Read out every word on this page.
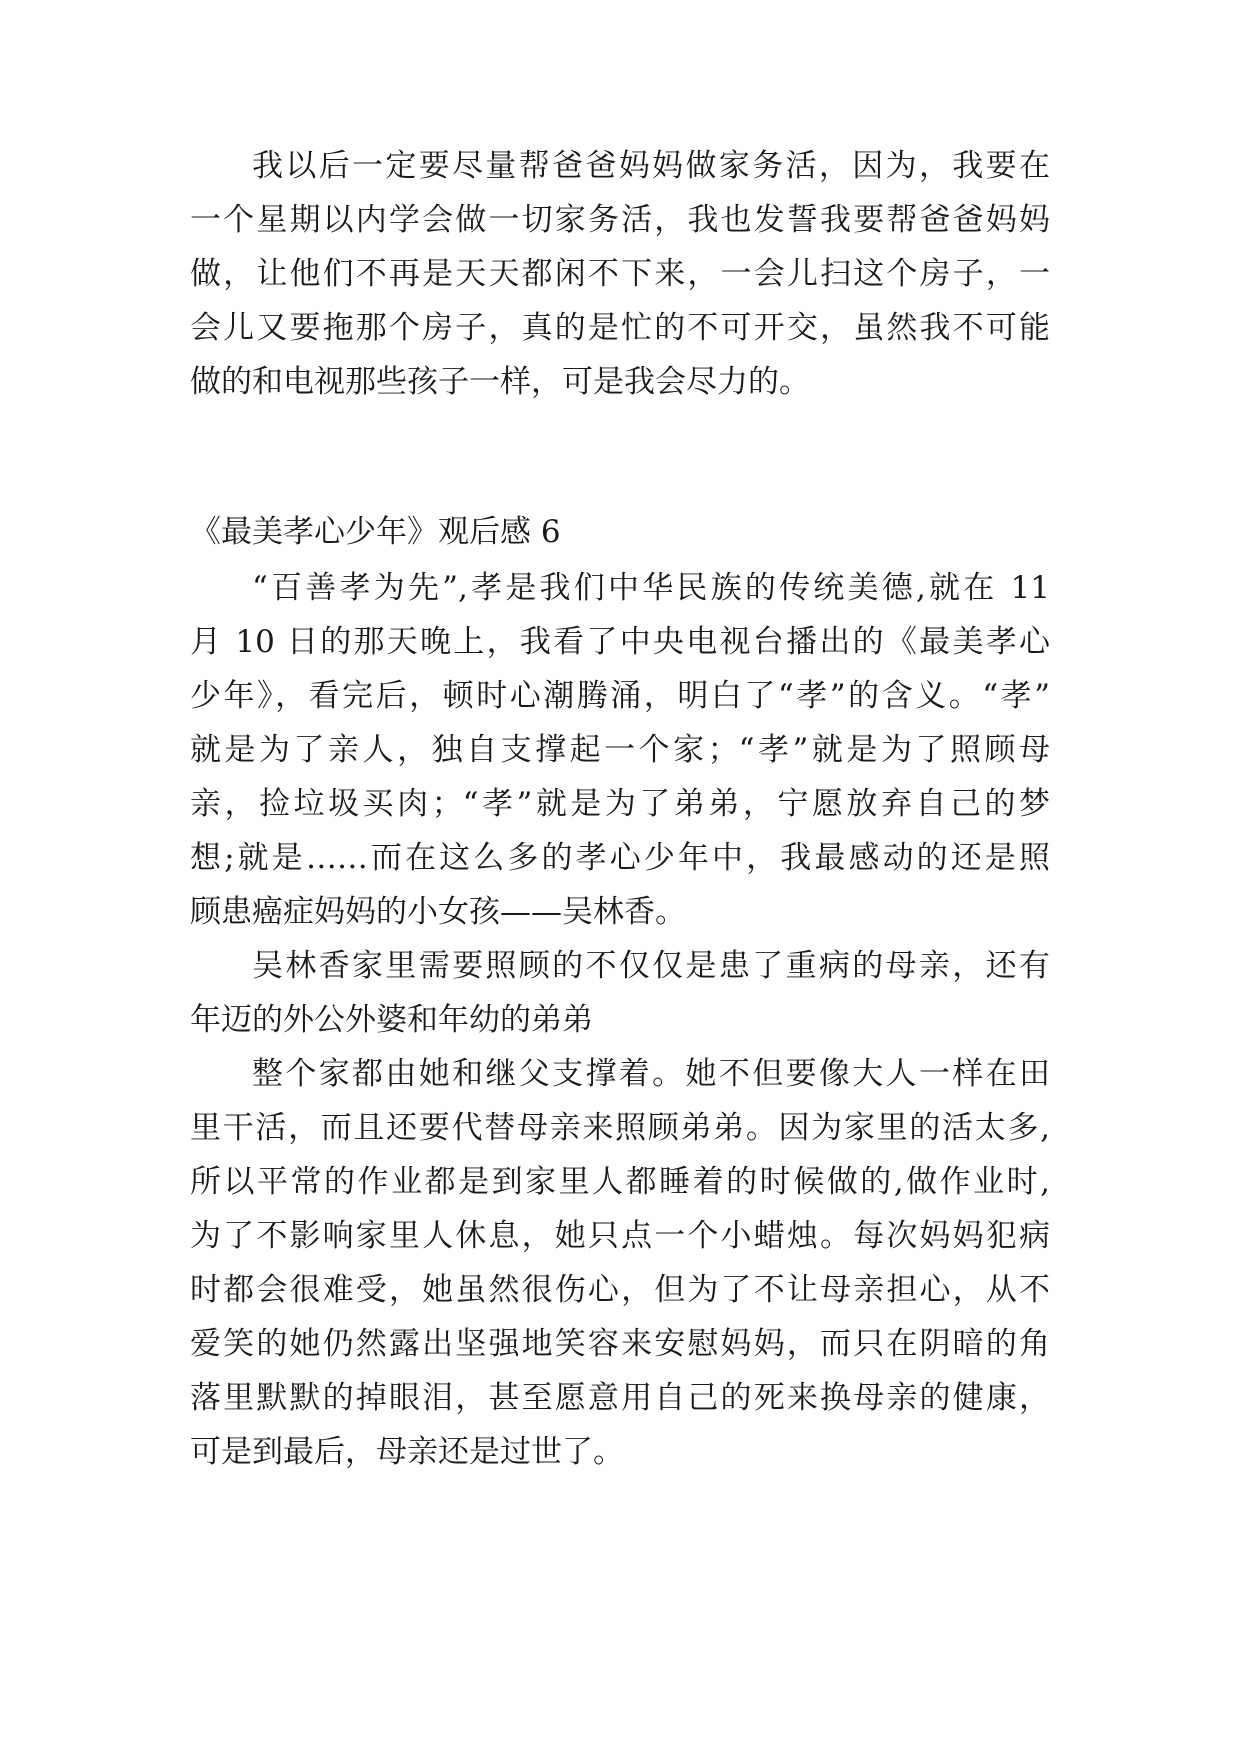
我以后一定要尽量帮爸爸妈妈做家务活，因为，我要在
一个星期以内学会做一切家务活，我也发誓我要帮爸爸妈妈
做，让他们不再是天天都闲不下来，一会儿扫这个房子，一
会儿又要拖那个房子，真的是忙的不可开交，虽然我不可能
做的和电视那些孩子一样，可是我会尽力的。
《最美孝心少年》观后感 6
“百善孝为先”,孝是我们中华民族的传统美德,就在 11
月 10 日的那天晚上，我看了中央电视台播出的《最美孝心
少年》，看完后，顿时心潮腾涌，明白了“孝”的含义。“孝”
就是为了亲人，独自支撑起一个家；“孝”就是为了照顾母
亲，捡垃圾买肉；“孝”就是为了弟弟，宁愿放弃自己的梦
想;就是……而在这么多的孝心少年中，我最感动的还是照
顾患癌症妈妈的小女孩——吴林香。
吴林香家里需要照顾的不仅仅是患了重病的母亲，还有
年迈的外公外婆和年幼的弟弟
整个家都由她和继父支撑着。她不但要像大人一样在田
里干活，而且还要代替母亲来照顾弟弟。因为家里的活太多,
所以平常的作业都是到家里人都睡着的时候做的,做作业时,
为了不影响家里人休息，她只点一个小蜡烛。每次妈妈犯病
时都会很难受，她虽然很伤心，但为了不让母亲担心，从不
爱笑的她仍然露出坚强地笑容来安慰妈妈，而只在阴暗的角
落里默默的掉眼泪，甚至愿意用自己的死来换母亲的健康，
可是到最后，母亲还是过世了。
